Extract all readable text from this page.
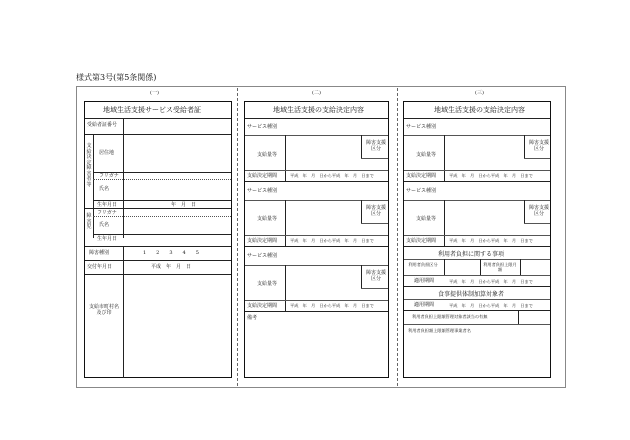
様式第3号(第5条関係)
(一)	(二)	(三)
地域生活支援サービス受給者証
受給者証番号
支給決定障害者等
居住地
フリガナ
氏名
生年月日	年　月　日
障害児
フリガナ
氏名
生年月日
障害種別	1　　2　　3　　4　　5
交付年月日	平成　年　月　日
支給市町村名及び印
地域生活支援の支給決定内容
サービス種別
支給量等
障害支援区分
支給決定期間	平成　年　月　日から平成　年　月　日まで
サービス種別
支給量等
障害支援区分
支給決定期間	平成　年　月　日から平成　年　月　日まで
サービス種別
支給量等
障害支援区分
支給決定期間	平成　年　月　日から平成　年　月　日まで
備考
地域生活支援の支給決定内容
サービス種別
支給量等
障害支援区分
支給決定期間	平成　年　月　日から平成　年　月　日まで
サービス種別
支給量等
障害支援区分
支給決定期間	平成　年　月　日から平成　年　月　日まで
利用者負担に関する事項
利用者負担区分	利用者負担上限月額
適用期間	平成　年　月　日から平成　年　月　日まで
食事提供体制加算対象者
適用期間	平成　年　月　日から平成　年　月　日まで
利用者負担上限額管理対象者該当の有無
利用者負担額上限額管理事業者名
